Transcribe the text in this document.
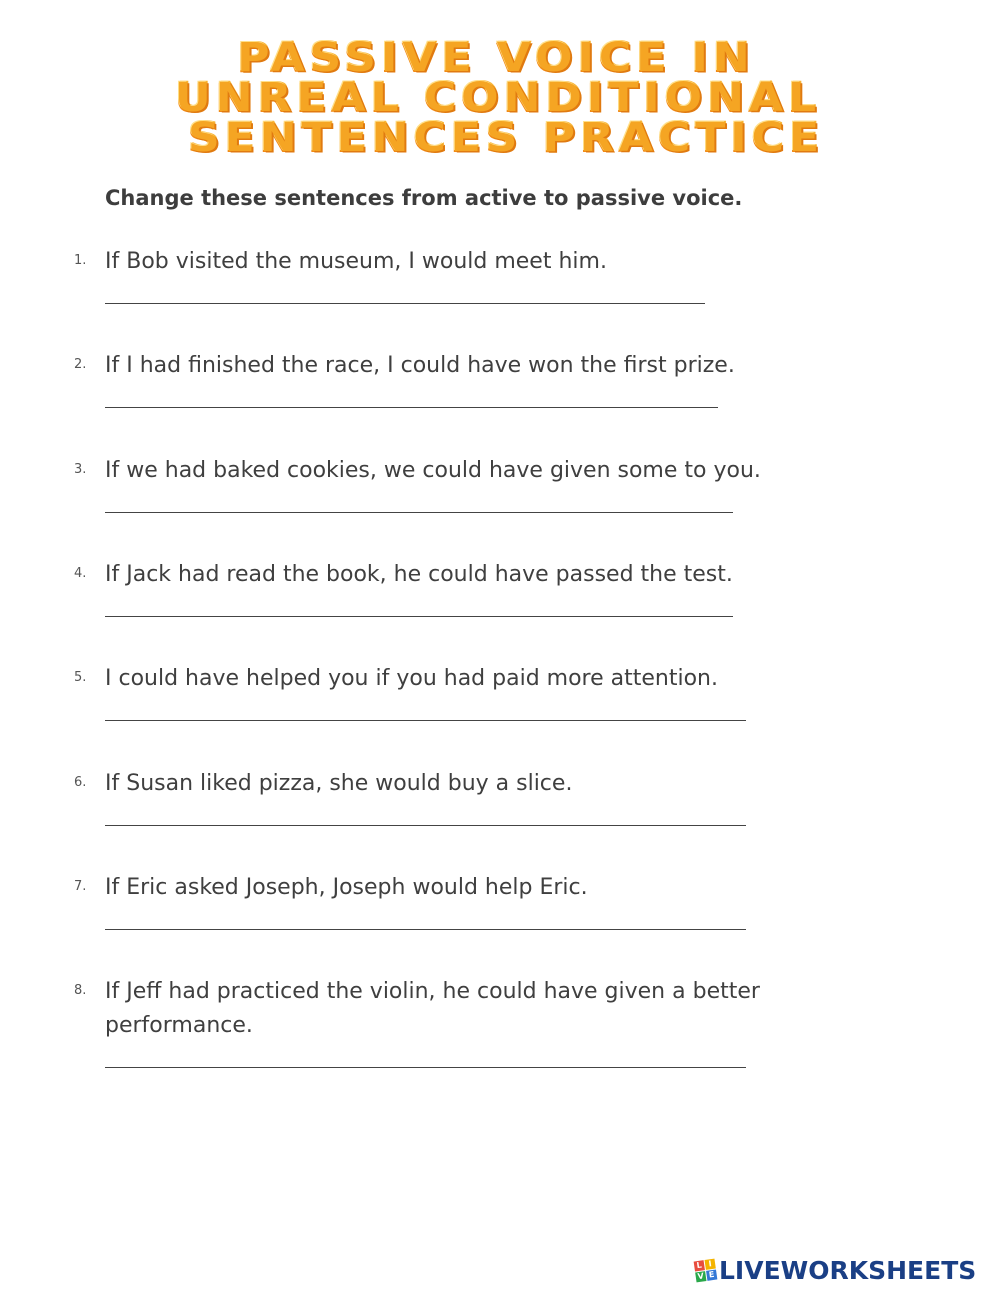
PASSIVE VOICE IN
UNREAL CONDITIONAL
SENTENCES PRACTICE

Change these sentences from active to passive voice.

1. If Bob visited the museum, I would meet him.
2. If I had finished the race, I could have won the first prize.
3. If we had baked cookies, we could have given some to you.
4. If Jack had read the book, he could have passed the test.
5. I could have helped you if you had paid more attention.
6. If Susan liked pizza, she would buy a slice.
7. If Eric asked Joseph, Joseph would help Eric.
8. If Jeff had practiced the violin, he could have given a better performance.
L I
V E LIVEWORKSHEETS
